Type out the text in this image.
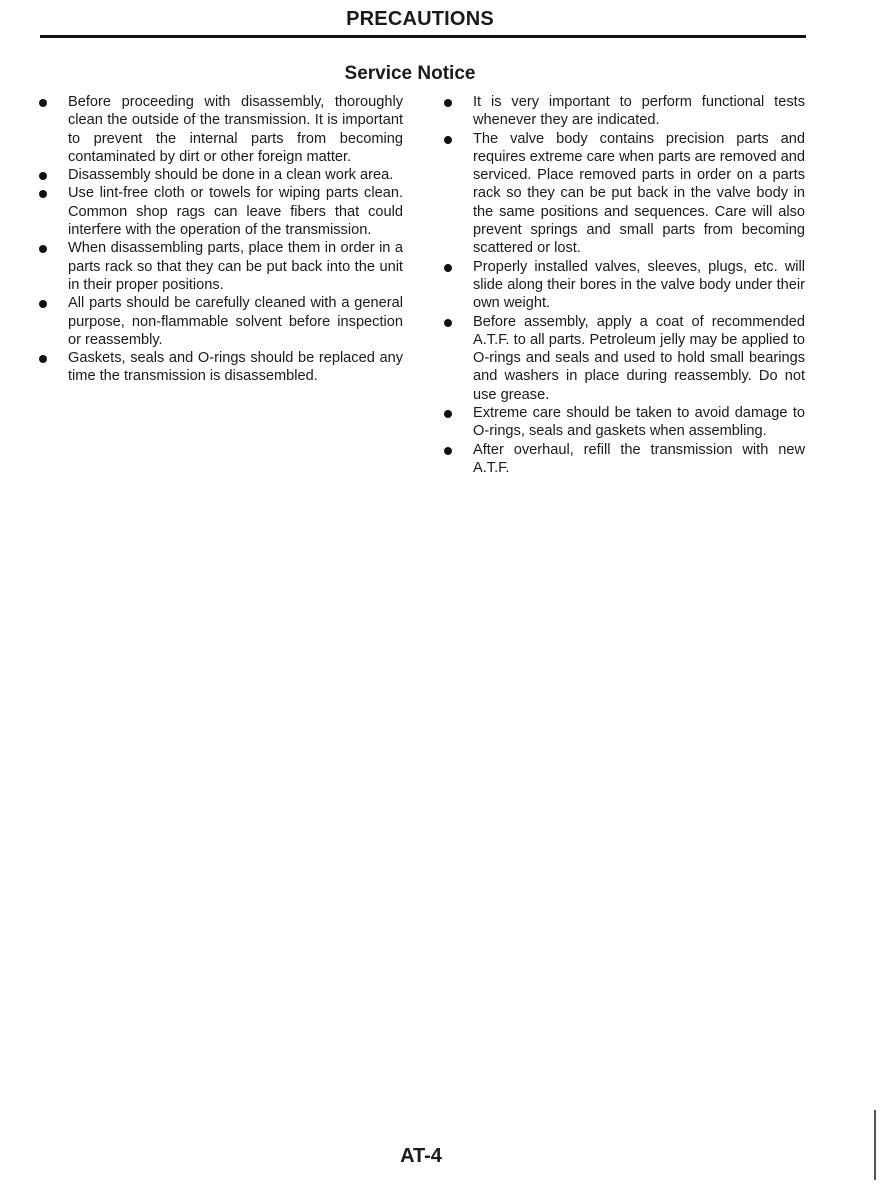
PRECAUTIONS
Service Notice
Before proceeding with disassembly, thoroughly clean the outside of the transmission. It is important to prevent the internal parts from becoming contaminated by dirt or other foreign matter.
Disassembly should be done in a clean work area.
Use lint-free cloth or towels for wiping parts clean. Common shop rags can leave fibers that could interfere with the operation of the transmission.
When disassembling parts, place them in order in a parts rack so that they can be put back into the unit in their proper positions.
All parts should be carefully cleaned with a general purpose, non-flammable solvent before inspection or reassembly.
Gaskets, seals and O-rings should be replaced any time the transmission is disassembled.
It is very important to perform functional tests whenever they are indicated.
The valve body contains precision parts and requires extreme care when parts are removed and serviced. Place removed parts in order on a parts rack so they can be put back in the valve body in the same positions and sequences. Care will also prevent springs and small parts from becoming scattered or lost.
Properly installed valves, sleeves, plugs, etc. will slide along their bores in the valve body under their own weight.
Before assembly, apply a coat of recommended A.T.F. to all parts. Petroleum jelly may be applied to O-rings and seals and used to hold small bearings and washers in place during reassembly. Do not use grease.
Extreme care should be taken to avoid damage to O-rings, seals and gaskets when assembling.
After overhaul, refill the transmission with new A.T.F.
AT-4
